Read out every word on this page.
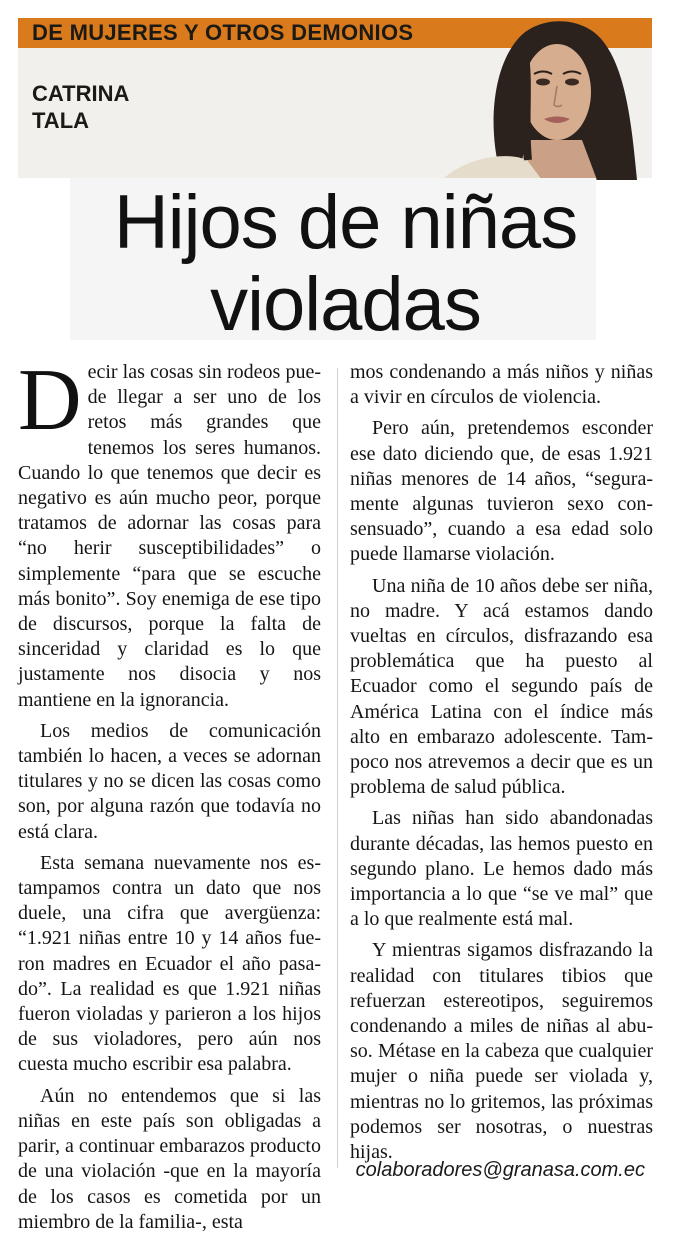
DE MUJERES Y OTROS DEMONIOS
CATRINA
TALA
Hijos de niñas
violadas

Decir las cosas sin rodeos puede llegar a ser uno de los retos más grandes que tenemos los seres humanos. Cuando lo que tenemos que decir es negativo es aún mucho peor, porque tratamos de adornar las cosas para “no herir susceptibilidades” o simplemente “para que se escuche más bonito”. Soy enemiga de ese tipo de discursos, porque la falta de sinceridad y claridad es lo que justamente nos disocia y nos mantiene en la ignorancia.

Los medios de comunicación también lo hacen, a veces se adornan titulares y no se dicen las cosas como son, por alguna razón que todavía no está clara.

Esta semana nuevamente nos estampamos contra un dato que nos duele, una cifra que avergüenza: “1.921 niñas entre 10 y 14 años fueron madres en Ecuador el año pasado”. La realidad es que 1.921 niñas fueron violadas y parieron a los hijos de sus violadores, pero aún nos cuesta mucho escribir esa palabra.

Aún no entendemos que si las niñas en este país son obligadas a parir, a continuar embarazos producto de una violación -que en la mayoría de los casos es cometida por un miembro de la familia-, esta

mos condenando a más niños y niñas a vivir en círculos de violencia.

Pero aún, pretendemos esconder ese dato diciendo que, de esas 1.921 niñas menores de 14 años, “seguramente algunas tuvieron sexo consensuado”, cuando a esa edad solo puede llamarse violación.

Una niña de 10 años debe ser niña, no madre. Y acá estamos dando vueltas en círculos, disfrazando esa problemática que ha puesto al Ecuador como el segundo país de América Latina con el índice más alto en embarazo adolescente. Tampoco nos atrevemos a decir que es un problema de salud pública.

Las niñas han sido abandonadas durante décadas, las hemos puesto en segundo plano. Le hemos dado más importancia a lo que “se ve mal” que a lo que realmente está mal.

Y mientras sigamos disfrazando la realidad con titulares tibios que refuerzan estereotipos, seguiremos condenando a miles de niñas al abuso. Métase en la cabeza que cualquier mujer o niña puede ser violada y, mientras no lo gritemos, las próximas podemos ser nosotras, o nuestras hijas.

colaboradores@granasa.com.ec
